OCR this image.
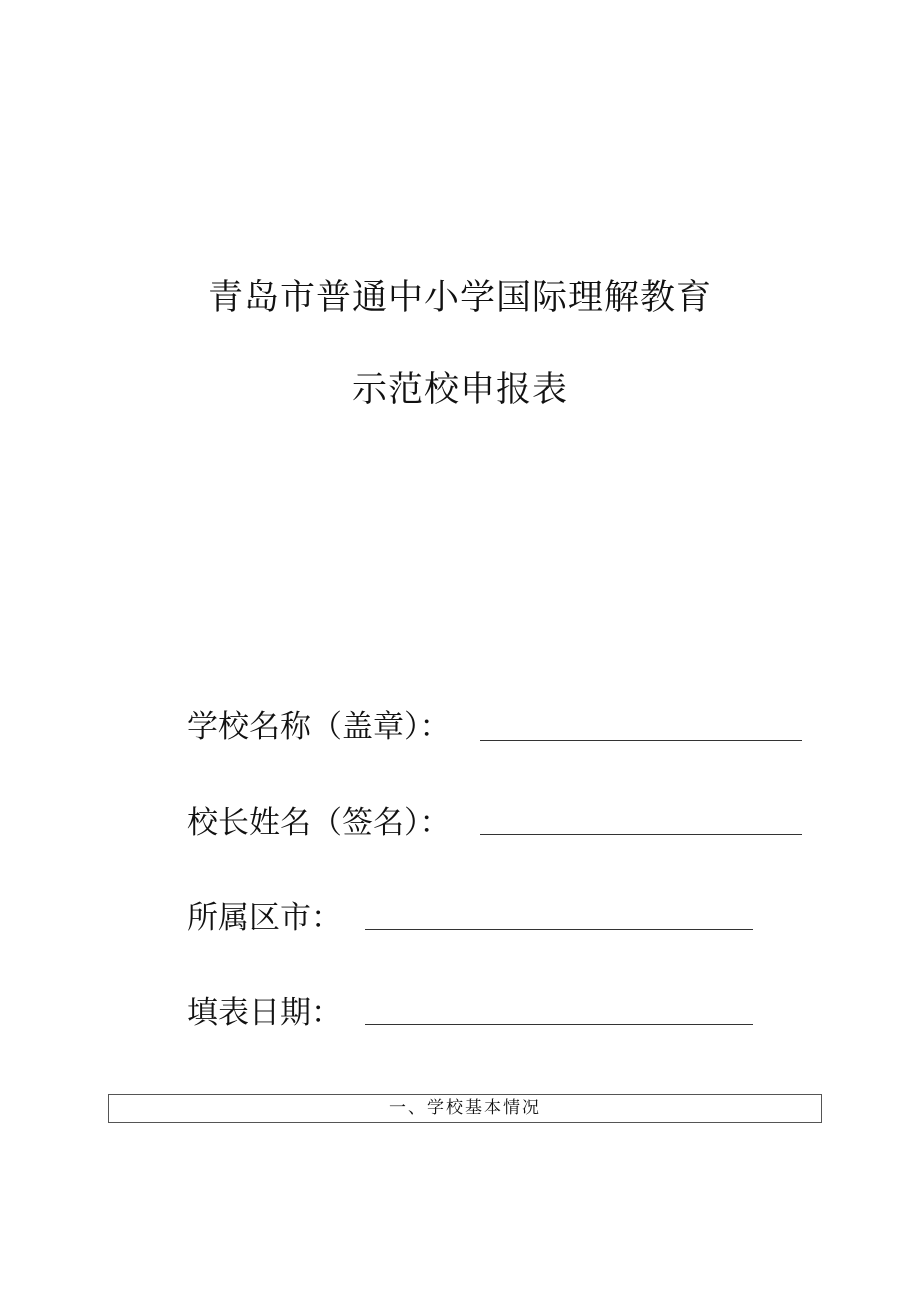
青岛市普通中小学国际理解教育
示范校申报表
学校名称（盖章）：
校长姓名（签名）：
所属区市：
填表日期：
一、学校基本情况
